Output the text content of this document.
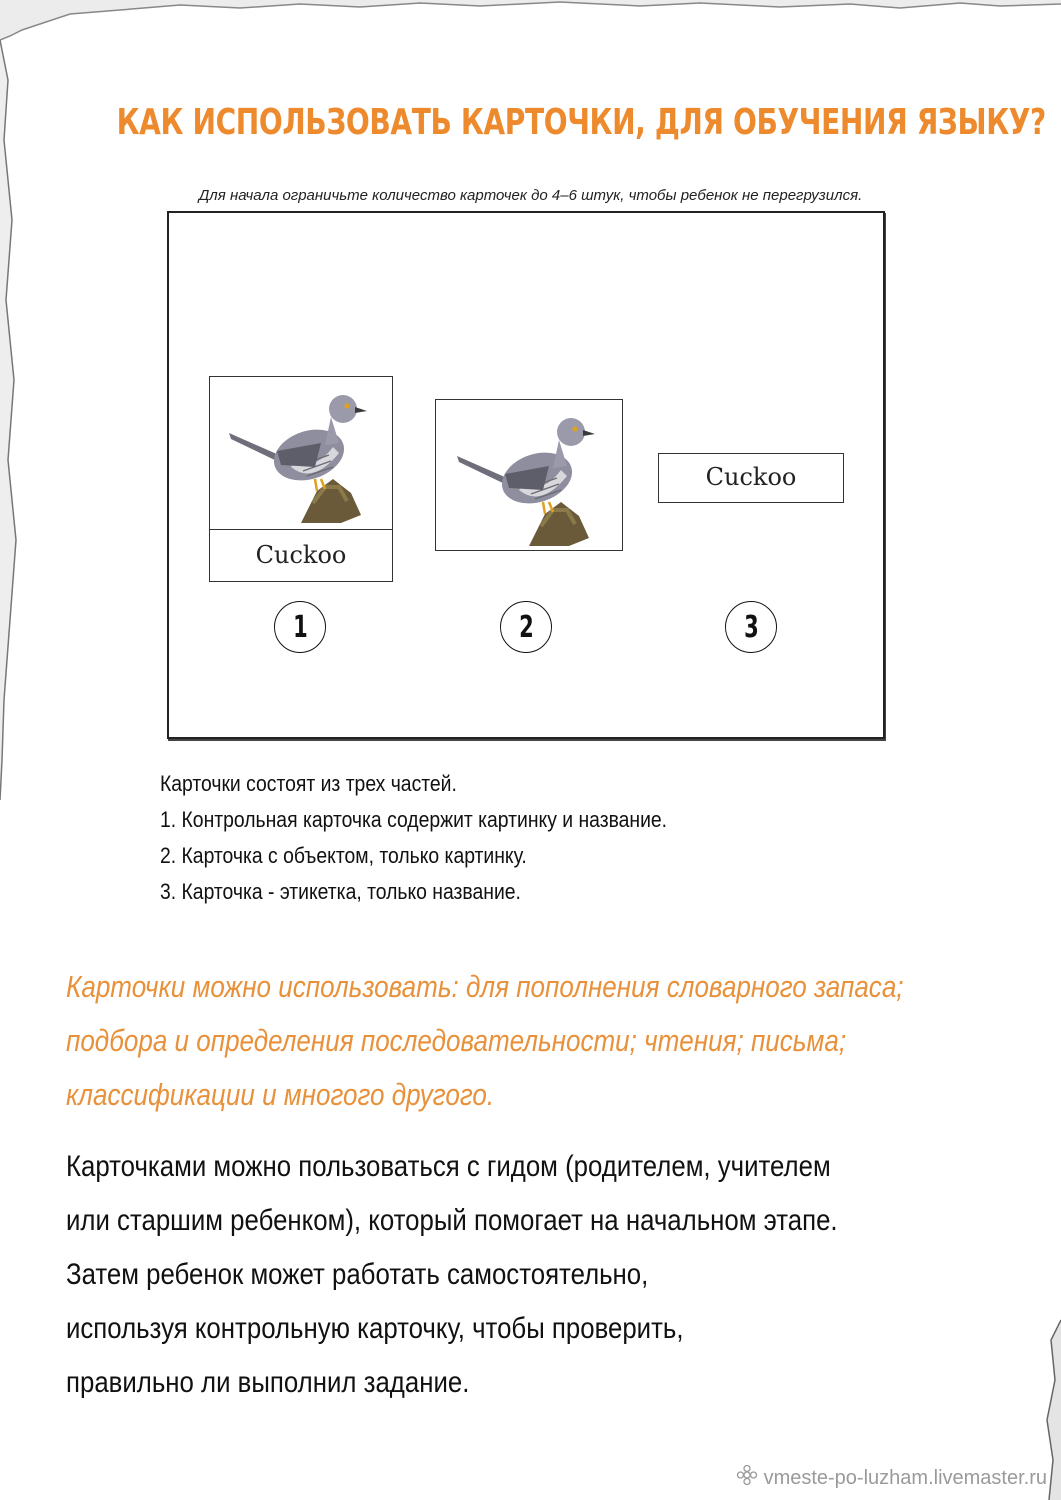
КАК ИСПОЛЬЗОВАТЬ КАРТОЧКИ, ДЛЯ ОБУЧЕНИЯ ЯЗЫКУ?
Для начала ограничьте количество карточек до 4–6 штук, чтобы ребенок не перегрузился.
Cuckoo
Cuckoo
1	2	3
Карточки состоят из трех частей.
1. Контрольная карточка содержит картинку и название.
2. Карточка с объектом, только картинку.
3. Карточка - этикетка, только название.
Карточки можно использовать: для пополнения словарного запаса;
подбора и определения последовательности; чтения; письма;
классификации и многого другого.
Карточками можно пользоваться с гидом (родителем, учителем
или старшим ребенком), который помогает на начальном этапе.
Затем ребенок может работать самостоятельно,
используя контрольную карточку, чтобы проверить,
правильно ли выполнил задание.
vmeste-po-luzham.livemaster.ru
